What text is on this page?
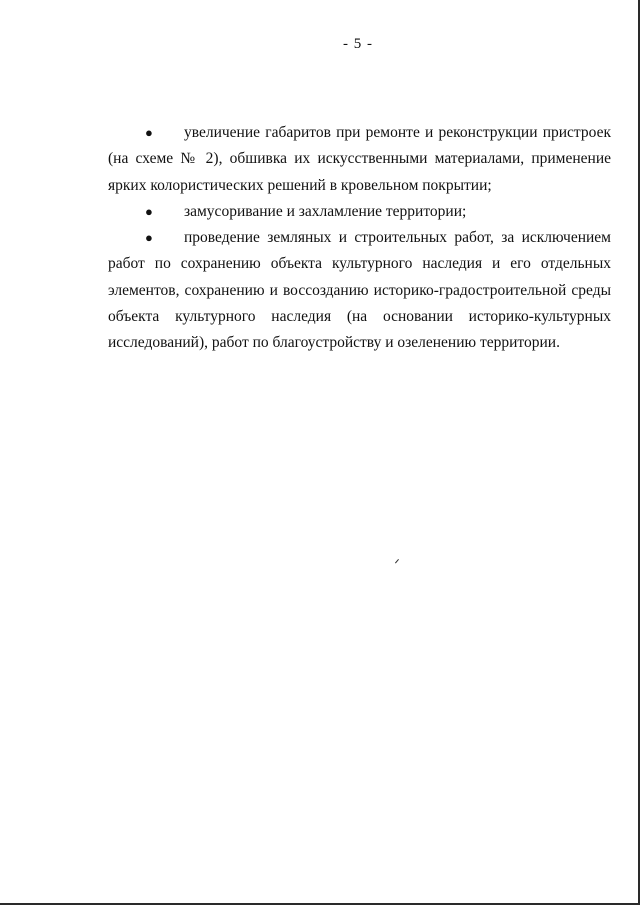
- 5 -

● увеличение габаритов при ремонте и реконструкции пристроек (на схеме № 2), обшивка их искусственными материалами, применение ярких колористических решений в кровельном покрытии;

● замусоривание и захламление территории;

● проведение земляных и строительных работ, за исключением работ по сохранению объекта культурного наследия и его отдельных элементов, сохранению и воссозданию историко-градостроительной среды объекта культурного наследия (на основании историко-культурных исследований), работ по благоустройству и озеленению территории.
